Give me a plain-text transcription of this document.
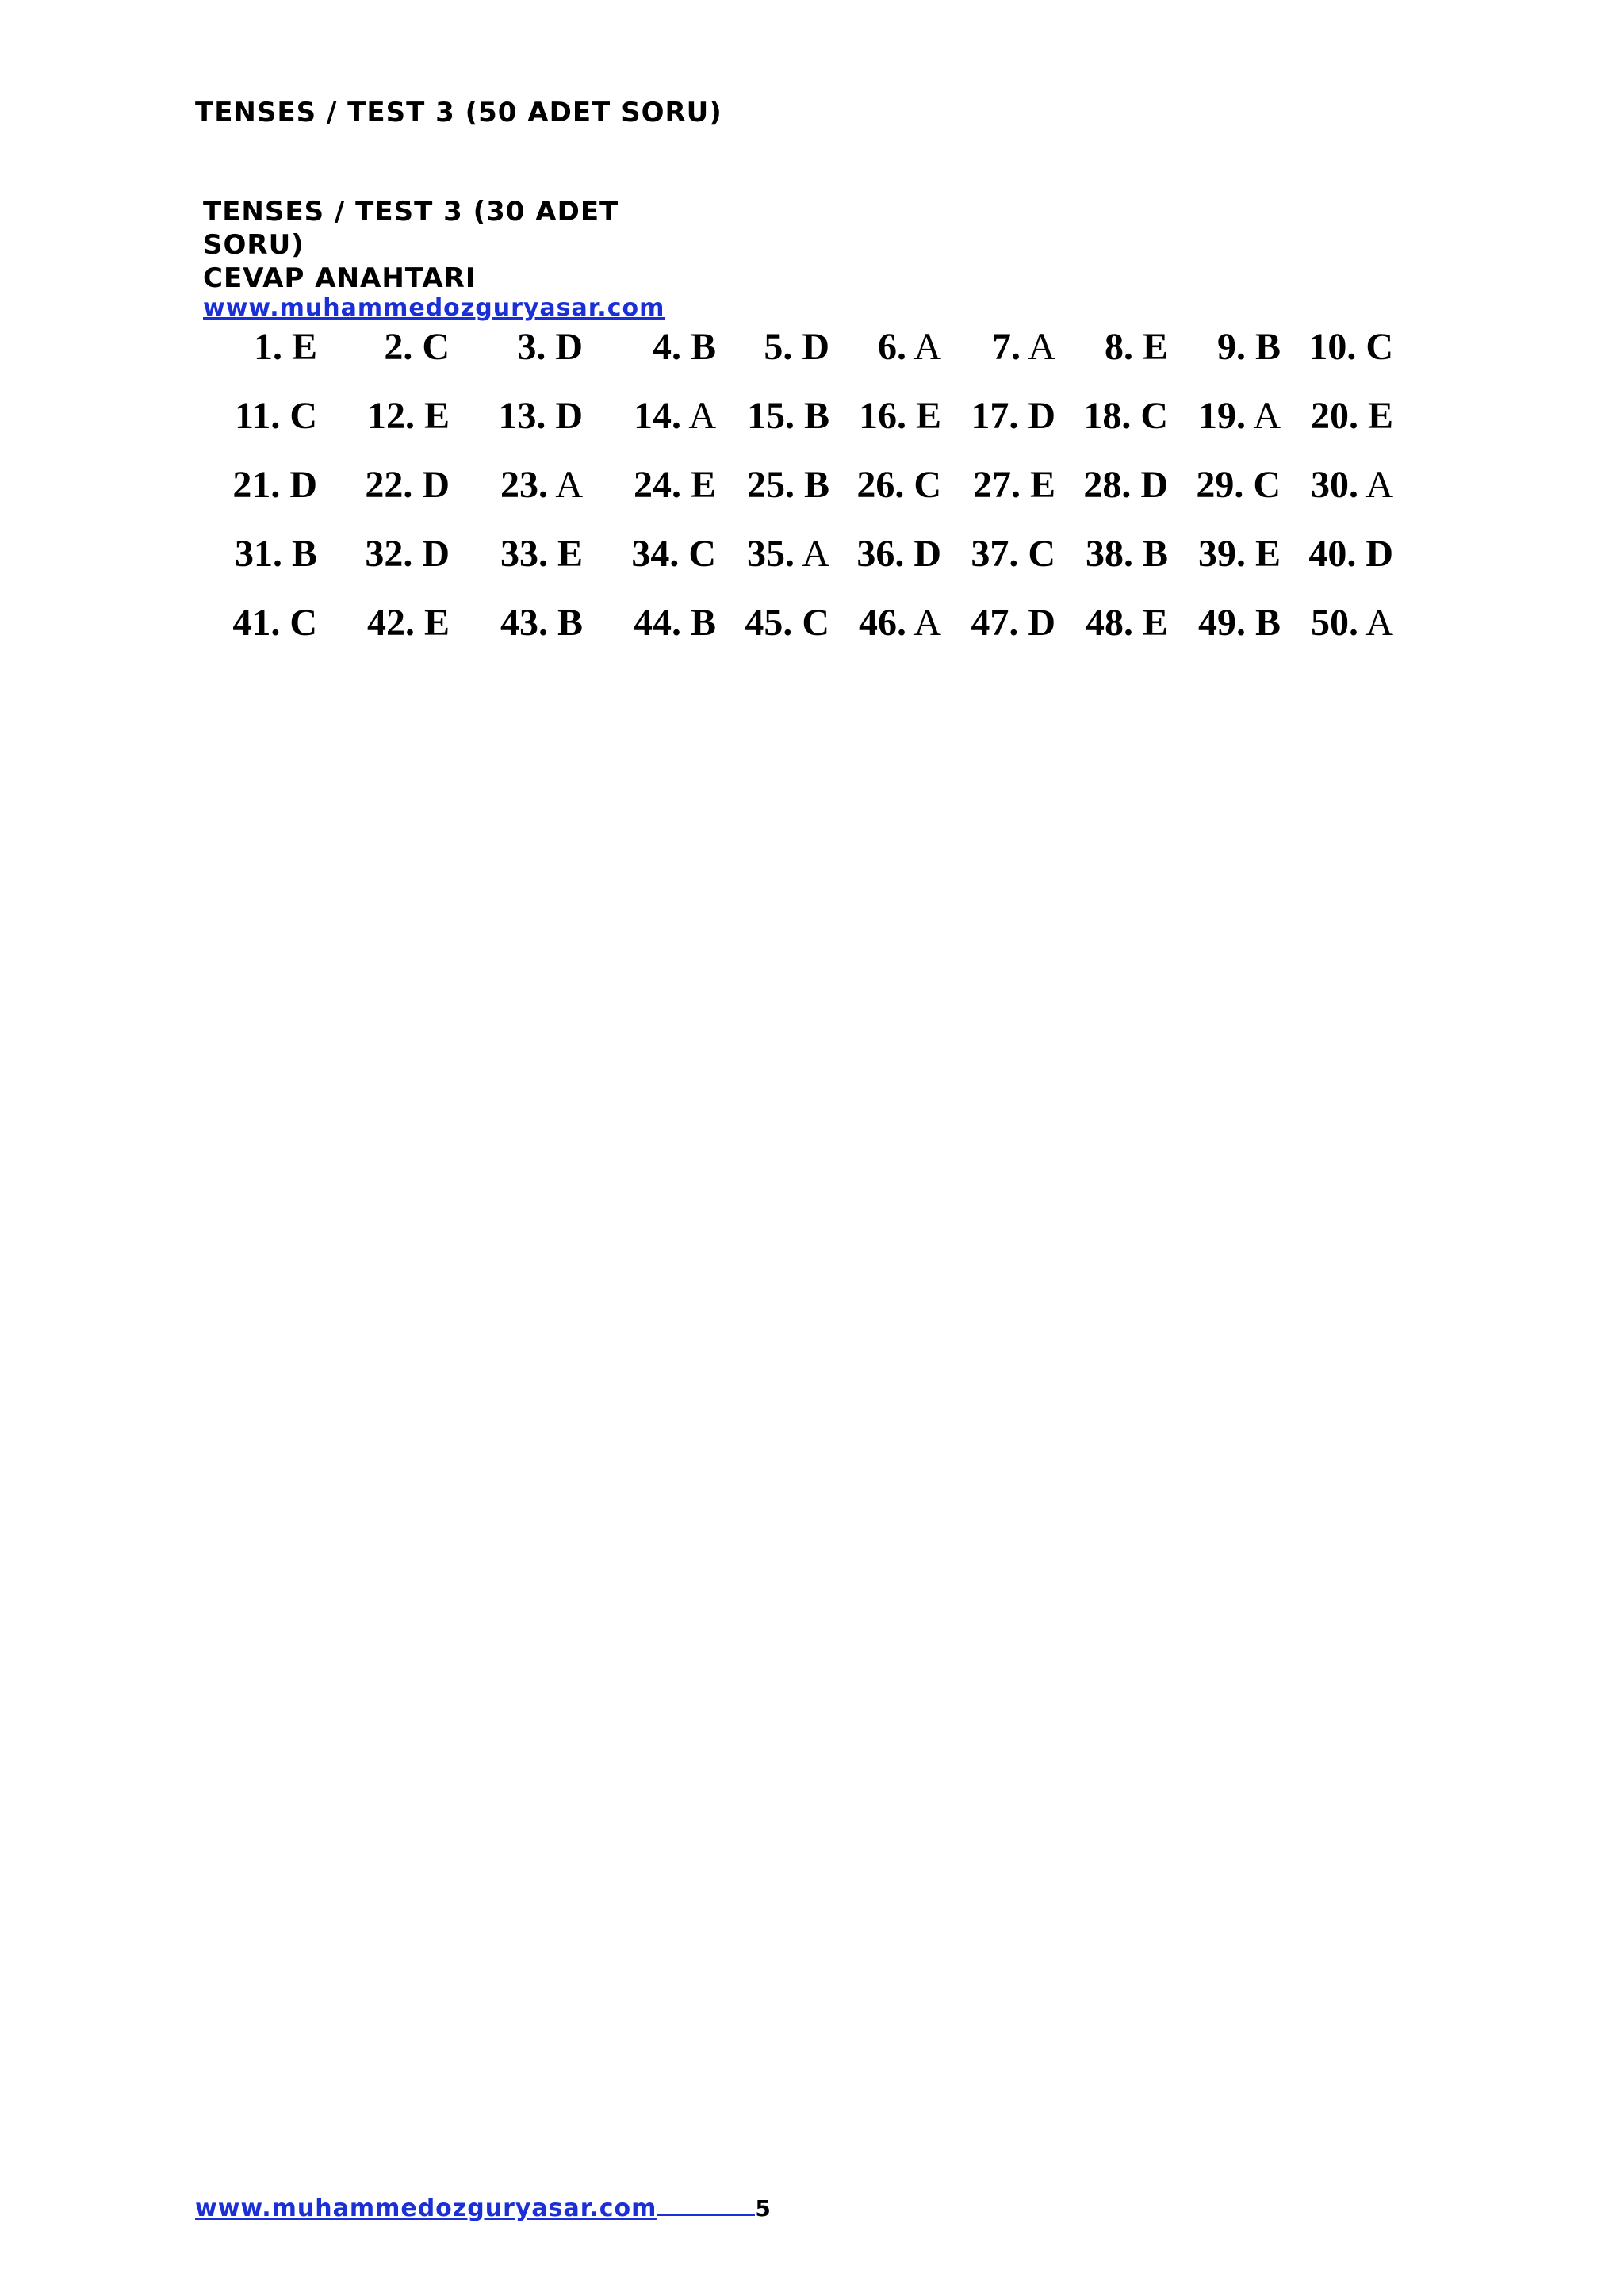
TENSES / TEST 3 (50 ADET SORU)

TENSES / TEST 3 (30 ADET SORU)

CEVAP ANAHTARI

www.muhammedozguryasar.com
1. E	2. C	3. D	4. B	5. D	6. A	7. A	8. E	9. B	10. C
11. C	12. E	13. D	14. A	15. B	16. E	17. D	18. C	19. A	20. E
21. D	22. D	23. A	24. E	25. B	26. C	27. E	28. D	29. C	30. A
31. B	32. D	33. E	34. C	35. A	36. D	37. C	38. B	39. E	40. D
41. C	42. E	43. B	44. B	45. C	46. A	47. D	48. E	49. B	50. A
www.muhammedozguryasar.com	5
